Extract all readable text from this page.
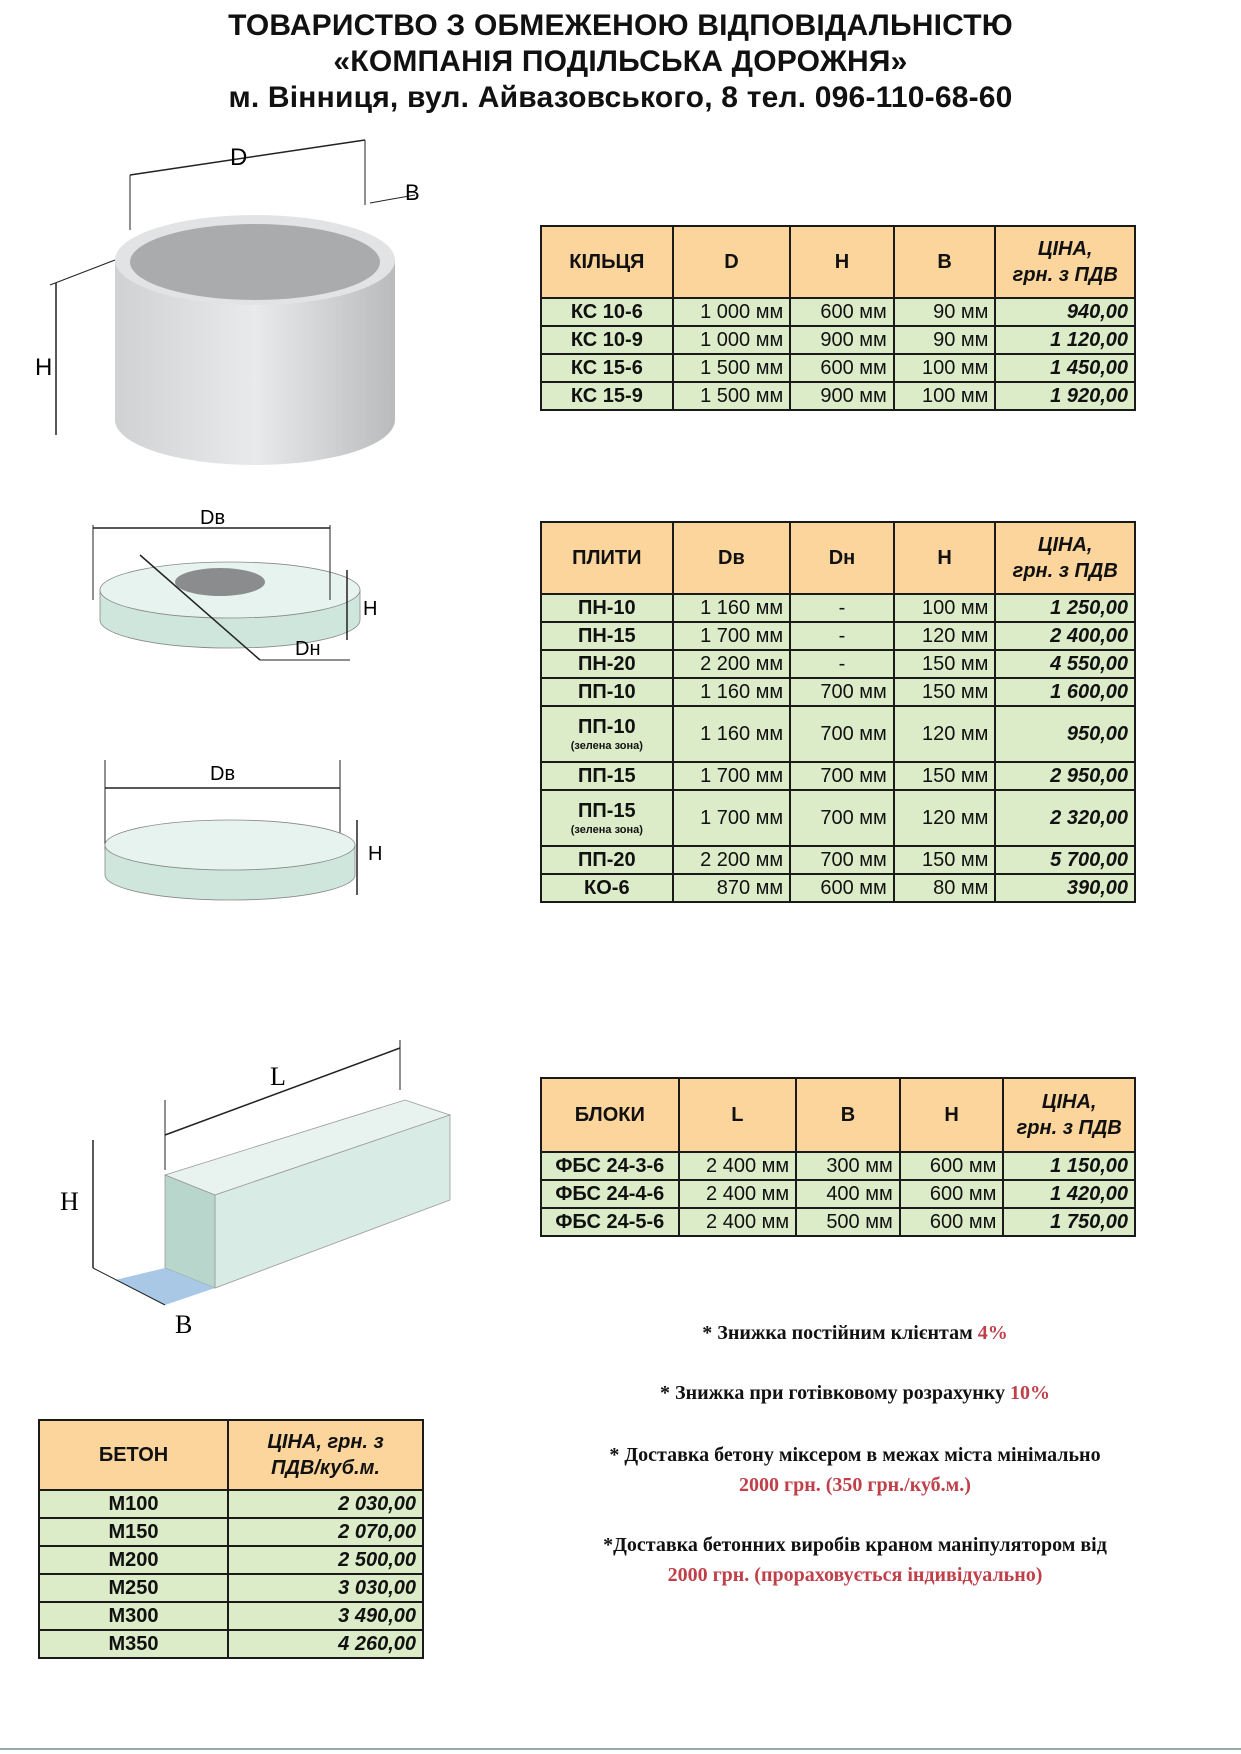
ТОВАРИСТВО З ОБМЕЖЕНОЮ ВІДПОВІДАЛЬНІСТЮ
«КОМПАНІЯ ПОДІЛЬСЬКА ДОРОЖНЯ»
м. Вінниця, вул. Айвазовського, 8 тел. 096-110-68-60
D
B
H
Dв
H
Dн
Dв
H
L
H
B
КІЛЬЦЯ	D	H	B	ЦІНА,
грн. з ПДВ
КС 10-6	1 000 мм	600 мм	90 мм	940,00
КС 10-9	1 000 мм	900 мм	90 мм	1 120,00
КС 15-6	1 500 мм	600 мм	100 мм	1 450,00
КС 15-9	1 500 мм	900 мм	100 мм	1 920,00
ПЛИТИ	Dв	Dн	H	ЦІНА,
грн. з ПДВ
ПН-10	1 160 мм	-	100 мм	1 250,00
ПН-15	1 700 мм	-	120 мм	2 400,00
ПН-20	2 200 мм	-	150 мм	4 550,00
ПП-10	1 160 мм	700 мм	150 мм	1 600,00
ПП-10
(зелена зона)	1 160 мм	700 мм	120 мм	950,00
ПП-15	1 700 мм	700 мм	150 мм	2 950,00
ПП-15
(зелена зона)	1 700 мм	700 мм	120 мм	2 320,00
ПП-20	2 200 мм	700 мм	150 мм	5 700,00
КО-6	870 мм	600 мм	80 мм	390,00
БЛОКИ	L	B	H	ЦІНА,
грн. з ПДВ
ФБС 24-3-6	2 400 мм	300 мм	600 мм	1 150,00
ФБС 24-4-6	2 400 мм	400 мм	600 мм	1 420,00
ФБС 24-5-6	2 400 мм	500 мм	600 мм	1 750,00
БЕТОН	ЦІНА, грн. з
ПДВ/куб.м.
М100	2 030,00
М150	2 070,00
М200	2 500,00
М250	3 030,00
М300	3 490,00
М350	4 260,00
* Знижка постійним клієнтам 4%
* Знижка при готівковому розрахунку 10%
* Доставка бетону міксером в межах міста мінімально
2000 грн. (350 грн./куб.м.)
*Доставка бетонних виробів краном маніпулятором від
2000 грн. (прораховується індивідуально)
